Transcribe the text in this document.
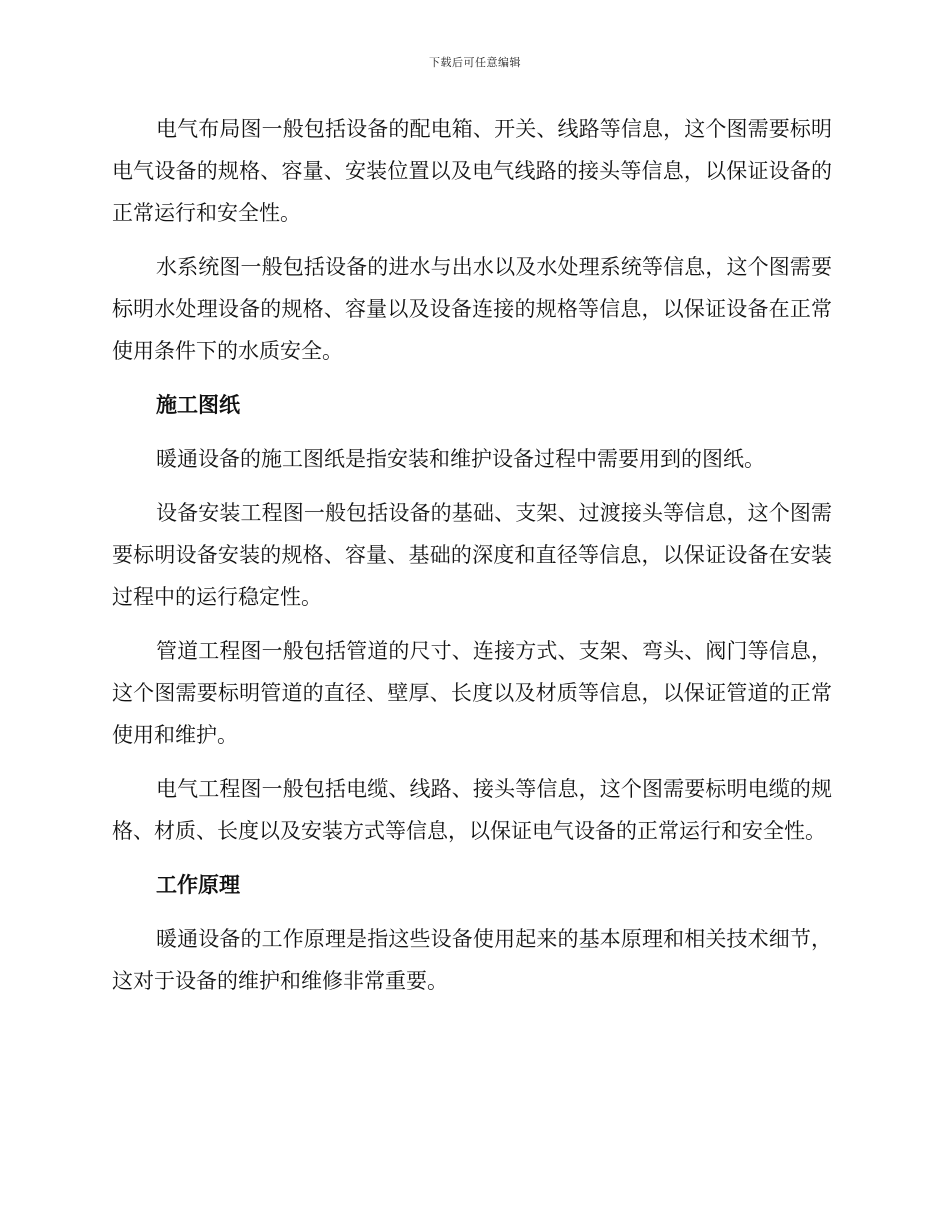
下载后可任意编辑

电气布局图一般包括设备的配电箱、开关、线路等信息，这个图需要标明电气设备的规格、容量、安装位置以及电气线路的接头等信息，以保证设备的正常运行和安全性。

水系统图一般包括设备的进水与出水以及水处理系统等信息，这个图需要标明水处理设备的规格、容量以及设备连接的规格等信息，以保证设备在正常使用条件下的水质安全。

施工图纸

暖通设备的施工图纸是指安装和维护设备过程中需要用到的图纸。

设备安装工程图一般包括设备的基础、支架、过渡接头等信息，这个图需要标明设备安装的规格、容量、基础的深度和直径等信息，以保证设备在安装过程中的运行稳定性。

管道工程图一般包括管道的尺寸、连接方式、支架、弯头、阀门等信息，这个图需要标明管道的直径、壁厚、长度以及材质等信息，以保证管道的正常使用和维护。

电气工程图一般包括电缆、线路、接头等信息，这个图需要标明电缆的规格、材质、长度以及安装方式等信息，以保证电气设备的正常运行和安全性。

工作原理

暖通设备的工作原理是指这些设备使用起来的基本原理和相关技术细节，这对于设备的维护和维修非常重要。
